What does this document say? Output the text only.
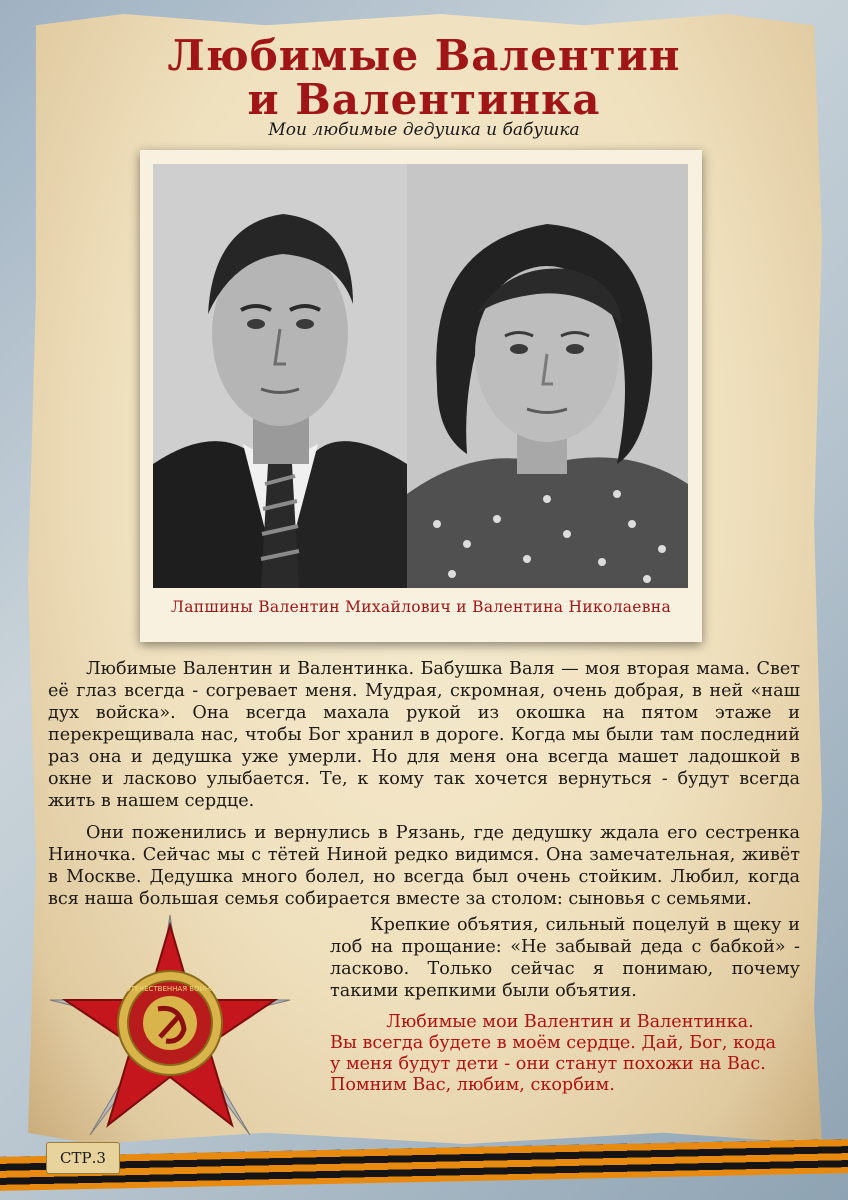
Любимые Валентин
и Валентинка
Мои любимые дедушка и бабушка
Лапшины Валентин Михайлович и Валентина Николаевна

Любимые Валентин и Валентинка. Бабушка Валя — моя вторая мама. Свет её глаз всегда - согревает меня. Мудрая, скромная, очень добрая, в ней «наш дух войска». Она всегда махала рукой из окошка на пятом этаже и перекрещивала нас, чтобы Бог хранил в дороге. Когда мы были там последний раз она и дедушка уже умерли. Но для меня она всегда машет ладошкой в окне и ласково улыбается. Те, к кому так хочется вернуться - будут всегда жить в нашем сердце.

Они поженились и вернулись в Рязань, где дедушку ждала его сестренка Ниночка. Сейчас мы с тётей Ниной редко видимся. Она замечательная, живёт в Москве. Дедушка много болел, но всегда был очень стойким. Любил, когда вся наша большая семья собирается вместе за столом: сыновья с семьями.

Крепкие объятия, сильный поцелуй в щеку и лоб на прощание: «Не забывай деда с бабкой» - ласково. Только сейчас я понимаю, почему такими крепкими были объятия.

Любимые мои Валентин и Валентинка.
Вы всегда будете в моём сердце. Дай, Бог, кода
у меня будут дети - они станут похожи на Вас.
Помним Вас, любим, скорбим.

ОТЕЧЕСТВЕННАЯ ВОЙНА
СТР.3
